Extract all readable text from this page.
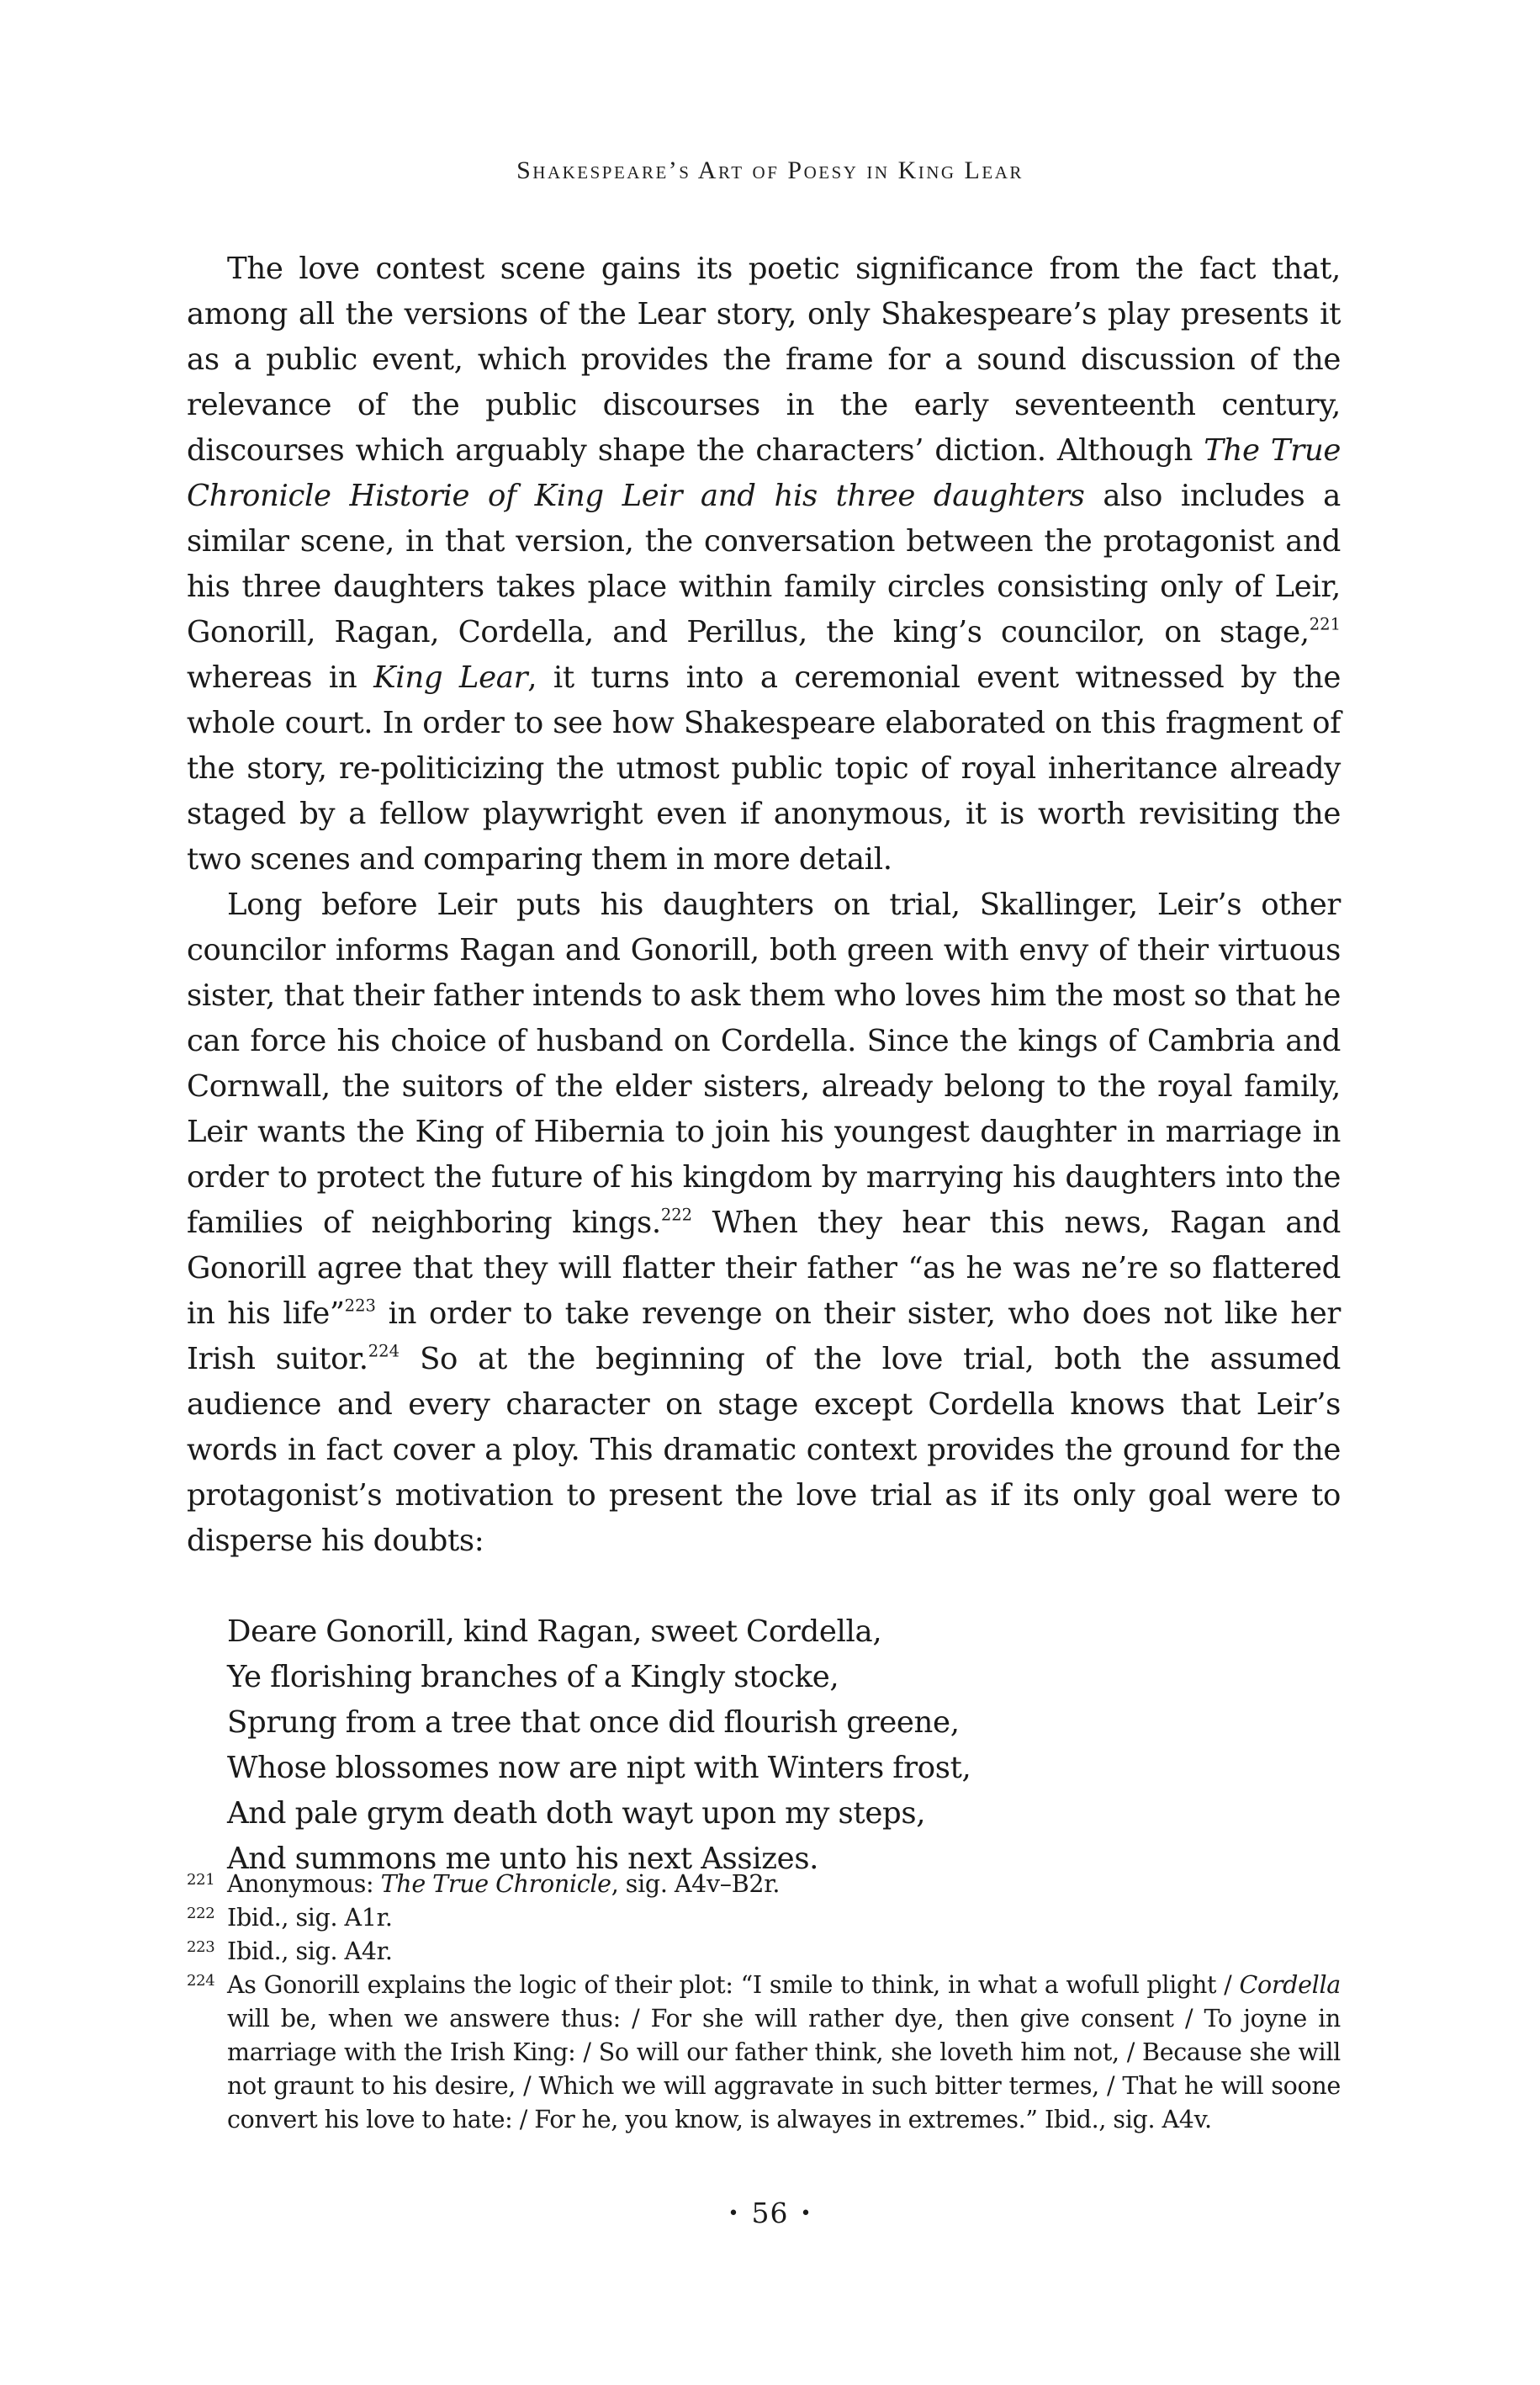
Shakespeare’s Art of Poesy in King Lear

The love contest scene gains its poetic significance from the fact that, among all the versions of the Lear story, only Shakespeare’s play presents it as a public event, which provides the frame for a sound discussion of the relevance of the public discourses in the early seventeenth century, discourses which arguably shape the characters’ diction. Although The True Chronicle Historie of King Leir and his three daughters also includes a similar scene, in that version, the conversation between the protagonist and his three daughters takes place within family circles consisting only of Leir, Gonorill, Ragan, Cordella, and Perillus, the king’s councilor, on stage,$^{221}$ whereas in King Lear, it turns into a ceremonial event witnessed by the whole court. In order to see how Shakespeare elaborated on this fragment of the story, re-politicizing the utmost public topic of royal inheritance already staged by a fellow playwright even if anonymous, it is worth revisiting the two scenes and comparing them in more detail.

Long before Leir puts his daughters on trial, Skallinger, Leir’s other councilor informs Ragan and Gonorill, both green with envy of their virtuous sister, that their father intends to ask them who loves him the most so that he can force his choice of husband on Cordella. Since the kings of Cambria and Cornwall, the suitors of the elder sisters, already belong to the royal family, Leir wants the King of Hibernia to join his youngest daughter in marriage in order to protect the future of his kingdom by marrying his daughters into the families of neighboring kings.$^{222}$ When they hear this news, Ragan and Gonorill agree that they will flatter their father “as he was ne’re so flattered in his life”$^{223}$ in order to take revenge on their sister, who does not like her Irish suitor.$^{224}$ So at the beginning of the love trial, both the assumed audience and every character on stage except Cordella knows that Leir’s words in fact cover a ploy. This dramatic context provides the ground for the protagonist’s motivation to present the love trial as if its only goal were to disperse his doubts:

Deare Gonorill, kind Ragan, sweet Cordella,
Ye florishing branches of a Kingly stocke,
Sprung from a tree that once did flourish greene,
Whose blossomes now are nipt with Winters frost,
And pale grym death doth wayt upon my steps,
And summons me unto his next Assizes.
221 Anonymous: The True Chronicle, sig. A4v–B2r.
222 Ibid., sig. A1r.
223 Ibid., sig. A4r.
224 As Gonorill explains the logic of their plot: “I smile to think, in what a wofull plight / Cordella will be, when we answere thus: / For she will rather dye, then give consent / To joyne in marriage with the Irish King: / So will our father think, she loveth him not, / Because she will not graunt to his desire, / Which we will aggravate in such bitter termes, / That he will soone convert his love to hate: / For he, you know, is alwayes in extremes.” Ibid., sig. A4v.
• 56 •
